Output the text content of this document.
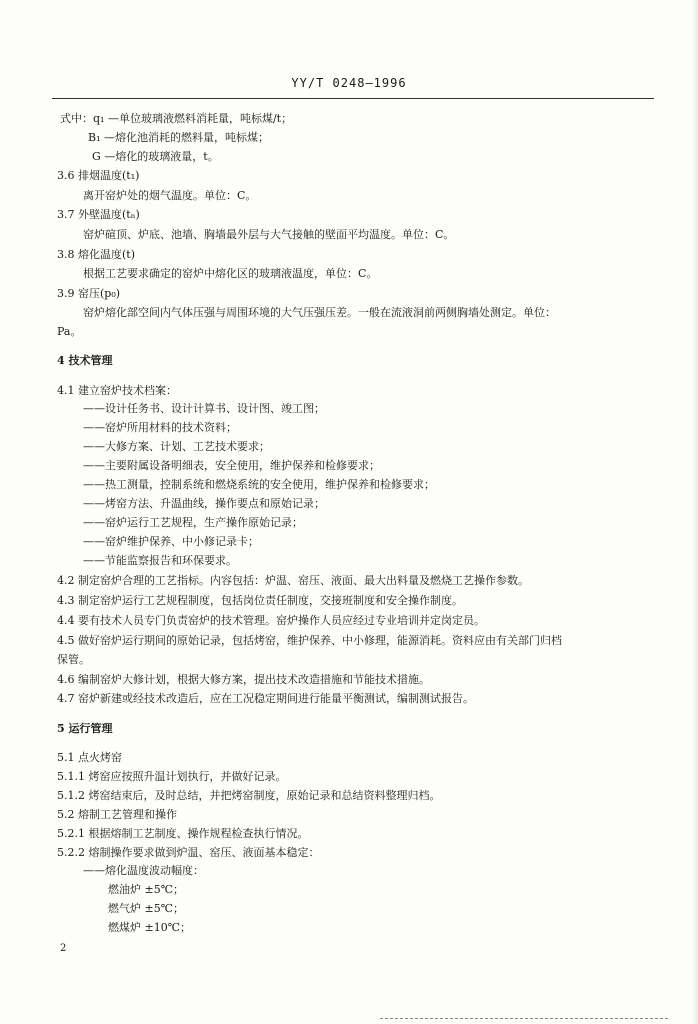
YY/T 0248—1996
式中：q₁ —单位玻璃液燃料消耗量，吨标煤/t；
B₁ —熔化池消耗的燃料量，吨标煤；
G —熔化的玻璃液量，t。
3.6 排烟温度(t₁)
离开窑炉处的烟气温度。单位：C。
3.7 外壁温度(tₙ)
窑炉碹顶、炉底、池墙、胸墙最外层与大气接触的壁面平均温度。单位：C。
3.8 熔化温度(t)
根据工艺要求确定的窑炉中熔化区的玻璃液温度，单位：C。
3.9 窑压(p₀)
窑炉熔化部空间内气体压强与周围环境的大气压强压差。一般在流液洞前两侧胸墙处测定。单位：
Pa。
4 技术管理
4.1 建立窑炉技术档案：
——设计任务书、设计计算书、设计图、竣工图；
——窑炉所用材料的技术资料；
——大修方案、计划、工艺技术要求；
——主要附属设备明细表，安全使用，维护保养和检修要求；
——热工测量，控制系统和燃烧系统的安全使用，维护保养和检修要求；
——烤窑方法、升温曲线，操作要点和原始记录；
——窑炉运行工艺规程，生产操作原始记录；
——窑炉维护保养、中小修记录卡；
——节能监察报告和环保要求。
4.2 制定窑炉合理的工艺指标。内容包括：炉温、窑压、液面、最大出料量及燃烧工艺操作参数。
4.3 制定窑炉运行工艺规程制度，包括岗位责任制度，交接班制度和安全操作制度。
4.4 要有技术人员专门负责窑炉的技术管理。窑炉操作人员应经过专业培训并定岗定员。
4.5 做好窑炉运行期间的原始记录，包括烤窑，维护保养、中小修理，能源消耗。资料应由有关部门归档
保管。
4.6 编制窑炉大修计划，根据大修方案，提出技术改造措施和节能技术措施。
4.7 窑炉新建或经技术改造后，应在工况稳定期间进行能量平衡测试，编制测试报告。
5 运行管理
5.1 点火烤窑
5.1.1 烤窑应按照升温计划执行，并做好记录。
5.1.2 烤窑结束后，及时总结，并把烤窑制度，原始记录和总结资料整理归档。
5.2 熔制工艺管理和操作
5.2.1 根据熔制工艺制度、操作规程检查执行情况。
5.2.2 熔制操作要求做到炉温、窑压、液面基本稳定：
——熔化温度波动幅度：
燃油炉 ±5℃；
燃气炉 ±5℃；
燃煤炉 ±10℃；
2
